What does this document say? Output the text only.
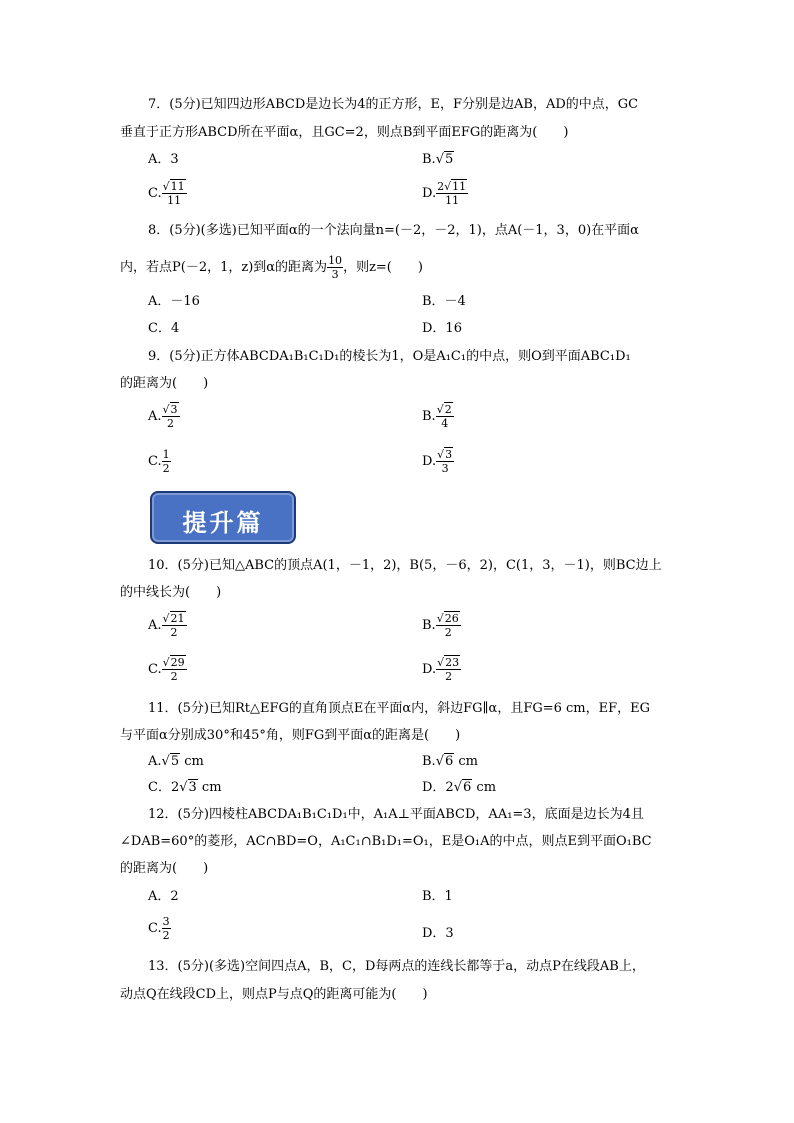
7．(5分)已知四边形ABCD是边长为4的正方形，E，F分别是边AB，AD的中点，GC
垂直于正方形ABCD所在平面α，且GC=2，则点B到平面EFG的距离为(　　)
A．3	B.√5
C. $\frac{√11}{11}$	D. $\frac{2√11}{11}$
8．(5分)(多选)已知平面α的一个法向量n=(－2，－2，1)，点A(－1，3，0)在平面α
内，若点P(－2，1，z)到α的距离为 $\frac{10}{3}$ ，则z=(　　)
A．－16	B．－4
C．4	D．16
9．(5分)正方体ABCDA₁B₁C₁D₁的棱长为1，O是A₁C₁的中点，则O到平面ABC₁D₁
的距离为(　　)
A. $\frac{√3}{2}$	B. $\frac{√2}{4}$
C. $\frac{1}{2}$	D. $\frac{√3}{3}$
提升篇
10．(5分)已知△ABC的顶点A(1，－1，2)，B(5，－6，2)，C(1，3，－1)，则BC边上
的中线长为(　　)
A. $\frac{√21}{2}$	B. $\frac{√26}{2}$
C. $\frac{√29}{2}$	D. $\frac{√23}{2}$
11．(5分)已知Rt△EFG的直角顶点E在平面α内，斜边FG∥α，且FG=6 cm，EF，EG
与平面α分别成30°和45°角，则FG到平面α的距离是(　　)
A.√5 cm	B.√6 cm
C．2√3 cm	D．2√6 cm
12．(5分)四棱柱ABCDA₁B₁C₁D₁中，A₁A⊥平面ABCD，AA₁=3，底面是边长为4且
∠DAB=60°的菱形，AC∩BD=O，A₁C₁∩B₁D₁=O₁，E是O₁A的中点，则点E到平面O₁BC
的距离为(　　)
A．2	B．1
C. $\frac{3}{2}$	D．3
13．(5分)(多选)空间四点A，B，C，D每两点的连线长都等于a，动点P在线段AB上，
动点Q在线段CD上，则点P与点Q的距离可能为(　　)
